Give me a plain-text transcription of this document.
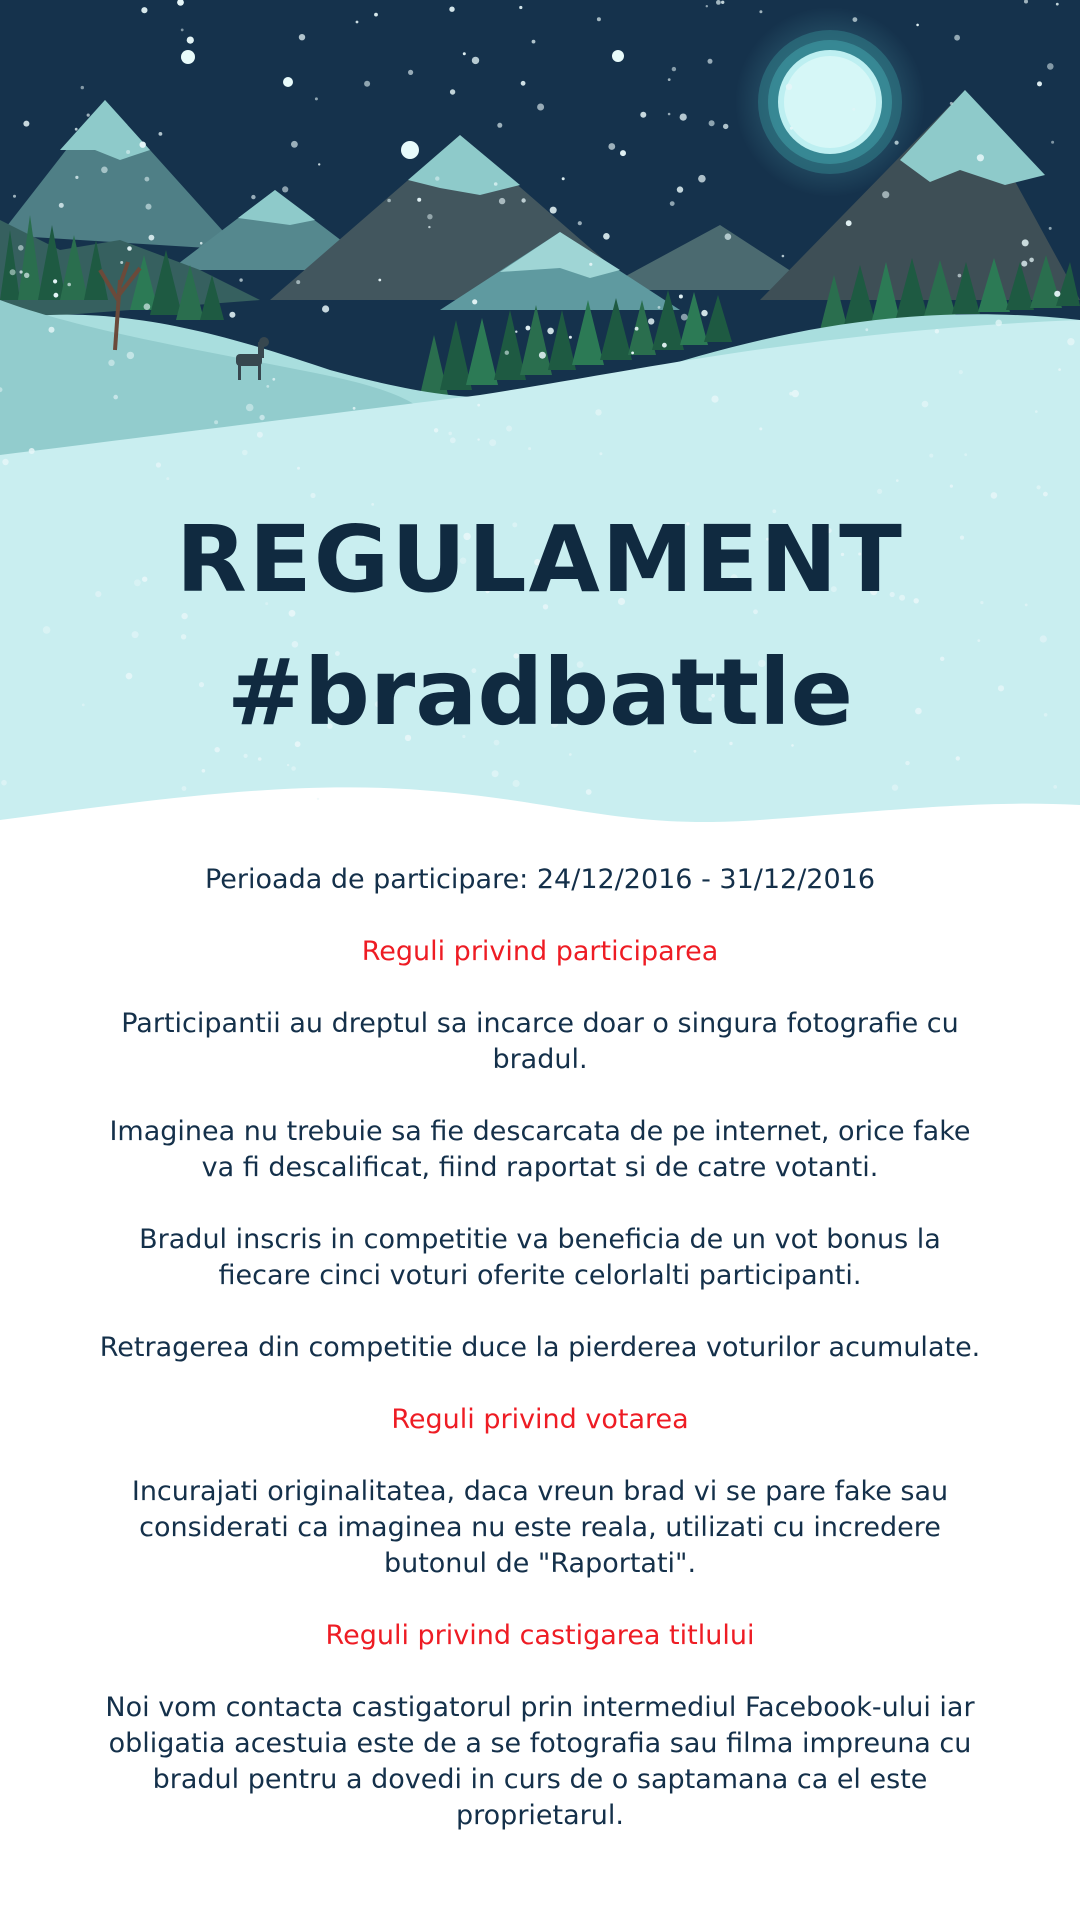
REGULAMENT
#bradbattle

Perioada de participare: 24/12/2016 - 31/12/2016

Reguli privind participarea

Participantii au dreptul sa incarce doar o singura fotografie cu bradul.

Imaginea nu trebuie sa fie descarcata de pe internet, orice fake va fi descalificat, fiind raportat si de catre votanti.

Bradul inscris in competitie va beneficia de un vot bonus la fiecare cinci voturi oferite celorlalti participanti.

Retragerea din competitie duce la pierderea voturilor acumulate.

Reguli privind votarea

Incurajati originalitatea, daca vreun brad vi se pare fake sau considerati ca imaginea nu este reala, utilizati cu incredere butonul de "Raportati".

Reguli privind castigarea titlului

Noi vom contacta castigatorul prin intermediul Facebook-ului iar obligatia acestuia este de a se fotografia sau filma impreuna cu bradul pentru a dovedi in curs de o saptamana ca el este proprietarul.
